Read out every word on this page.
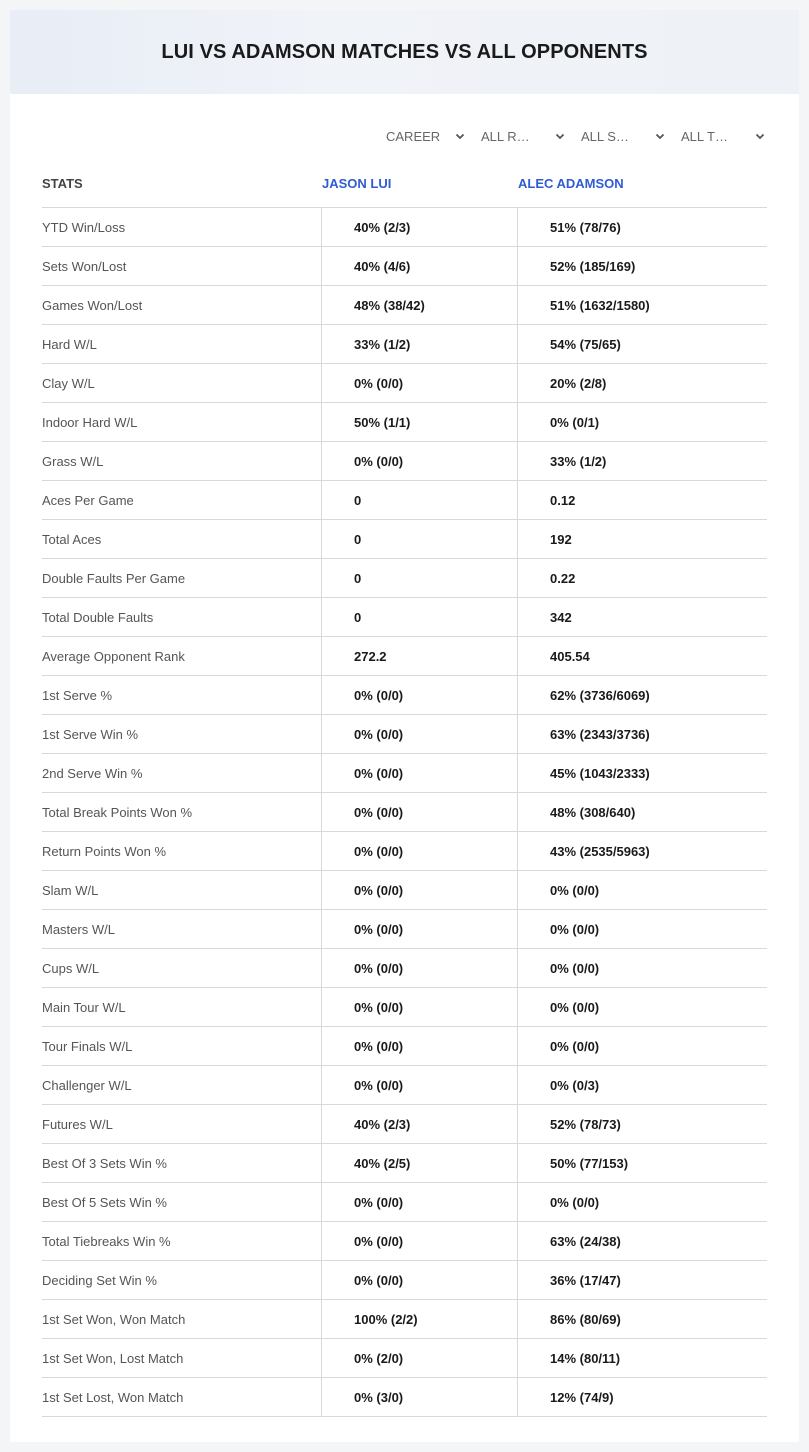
LUI VS ADAMSON MATCHES VS ALL OPPONENTS
CAREER	ALL R…	ALL S…	ALL T…
STATS	JASON LUI	ALEC ADAMSON
YTD Win/Loss	40% (2/3)	51% (78/76)
Sets Won/Lost	40% (4/6)	52% (185/169)
Games Won/Lost	48% (38/42)	51% (1632/1580)
Hard W/L	33% (1/2)	54% (75/65)
Clay W/L	0% (0/0)	20% (2/8)
Indoor Hard W/L	50% (1/1)	0% (0/1)
Grass W/L	0% (0/0)	33% (1/2)
Aces Per Game	0	0.12
Total Aces	0	192
Double Faults Per Game	0	0.22
Total Double Faults	0	342
Average Opponent Rank	272.2	405.54
1st Serve %	0% (0/0)	62% (3736/6069)
1st Serve Win %	0% (0/0)	63% (2343/3736)
2nd Serve Win %	0% (0/0)	45% (1043/2333)
Total Break Points Won %	0% (0/0)	48% (308/640)
Return Points Won %	0% (0/0)	43% (2535/5963)
Slam W/L	0% (0/0)	0% (0/0)
Masters W/L	0% (0/0)	0% (0/0)
Cups W/L	0% (0/0)	0% (0/0)
Main Tour W/L	0% (0/0)	0% (0/0)
Tour Finals W/L	0% (0/0)	0% (0/0)
Challenger W/L	0% (0/0)	0% (0/3)
Futures W/L	40% (2/3)	52% (78/73)
Best Of 3 Sets Win %	40% (2/5)	50% (77/153)
Best Of 5 Sets Win %	0% (0/0)	0% (0/0)
Total Tiebreaks Win %	0% (0/0)	63% (24/38)
Deciding Set Win %	0% (0/0)	36% (17/47)
1st Set Won, Won Match	100% (2/2)	86% (80/69)
1st Set Won, Lost Match	0% (2/0)	14% (80/11)
1st Set Lost, Won Match	0% (3/0)	12% (74/9)
